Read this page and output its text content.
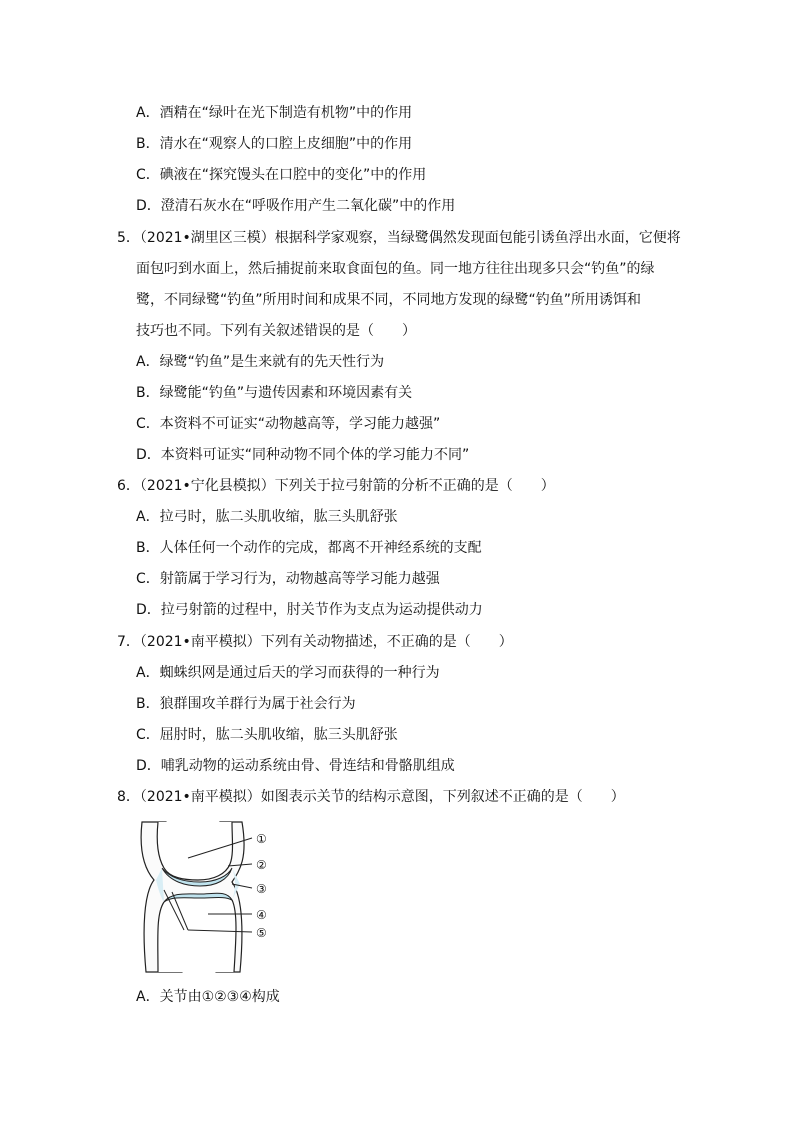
A．酒精在“绿叶在光下制造有机物”中的作用
B．清水在“观察人的口腔上皮细胞”中的作用
C．碘液在“探究馒头在口腔中的变化”中的作用
D．澄清石灰水在“呼吸作用产生二氧化碳”中的作用
5．（2021•湖里区三模）根据科学家观察，当绿鹭偶然发现面包能引诱鱼浮出水面，它便将
面包叼到水面上，然后捕捉前来取食面包的鱼。同一地方往往出现多只会“钓鱼”的绿
鹭，不同绿鹭“钓鱼”所用时间和成果不同，不同地方发现的绿鹭“钓鱼”所用诱饵和
技巧也不同。下列有关叙述错误的是（　　）
A．绿鹭“钓鱼”是生来就有的先天性行为
B．绿鹭能“钓鱼”与遗传因素和环境因素有关
C．本资料不可证实“动物越高等，学习能力越强”
D．本资料可证实“同种动物不同个体的学习能力不同”
6．（2021•宁化县模拟）下列关于拉弓射箭的分析不正确的是（　　）
A．拉弓时，肱二头肌收缩，肱三头肌舒张
B．人体任何一个动作的完成，都离不开神经系统的支配
C．射箭属于学习行为，动物越高等学习能力越强
D．拉弓射箭的过程中，肘关节作为支点为运动提供动力
7．（2021•南平模拟）下列有关动物描述，不正确的是（　　）
A．蜘蛛织网是通过后天的学习而获得的一种行为
B．狼群围攻羊群行为属于社会行为
C．屈肘时，肱二头肌收缩，肱三头肌舒张
D．哺乳动物的运动系统由骨、骨连结和骨骼肌组成
8．（2021•南平模拟）如图表示关节的结构示意图，下列叙述不正确的是（　　）
①
②
③
④
⑤
A．关节由①②③④构成
